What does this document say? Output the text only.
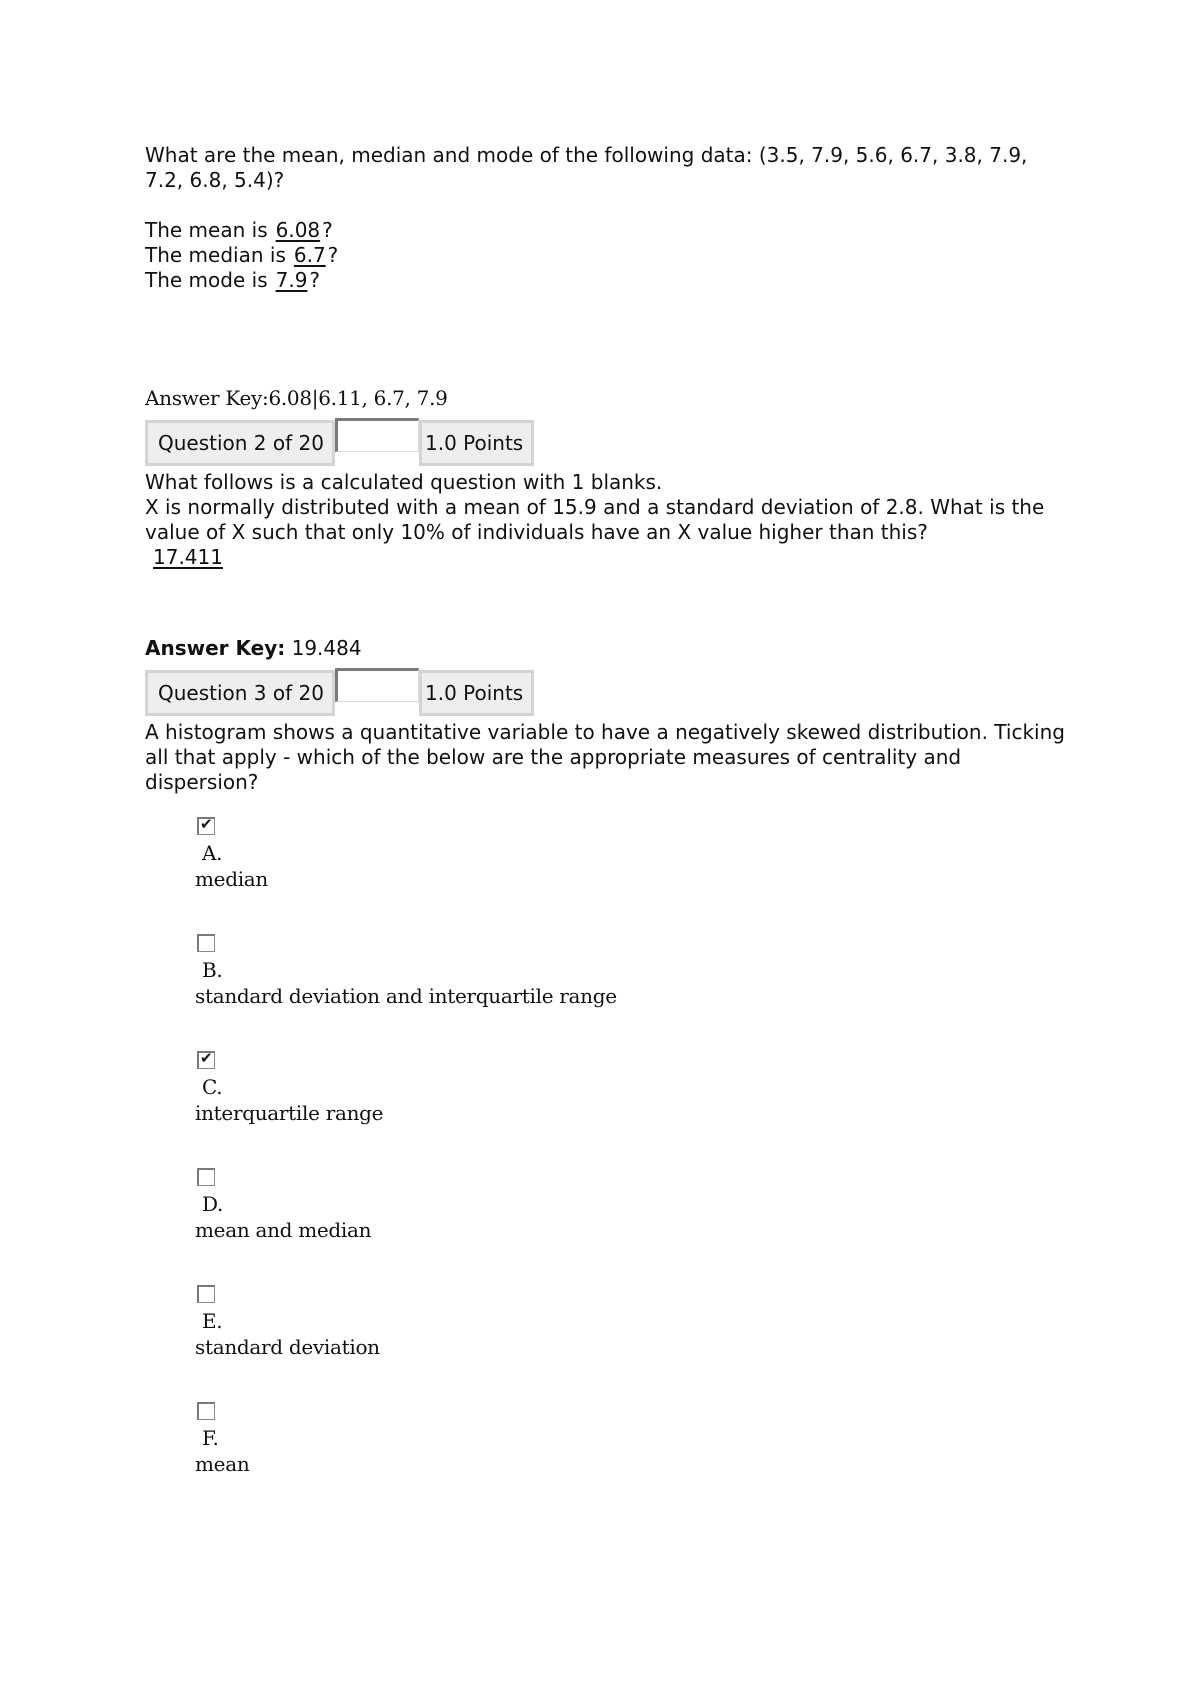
What are the mean, median and mode of the following data: (3.5, 7.9, 5.6, 6.7, 3.8, 7.9, 7.2, 6.8, 5.4)?

The mean is 6.08 ?
The median is 6.7 ?
The mode is 7.9 ?

Answer Key:6.08|6.11, 6.7, 7.9

Question 2 of 20	1.0 Points

What follows is a calculated question with 1 blanks.

X is normally distributed with a mean of 15.9 and a standard deviation of 2.8. What is the value of X such that only 10% of individuals have an X value higher than this?

17.411

Answer Key: 19.484

Question 3 of 20	1.0 Points

A histogram shows a quantitative variable to have a negatively skewed distribution. Ticking all that apply - which of the below are the appropriate measures of centrality and dispersion?

✔
A.
median
B.
standard deviation and interquartile range
✔
C.
interquartile range
D.
mean and median
E.
standard deviation
F.
mean
